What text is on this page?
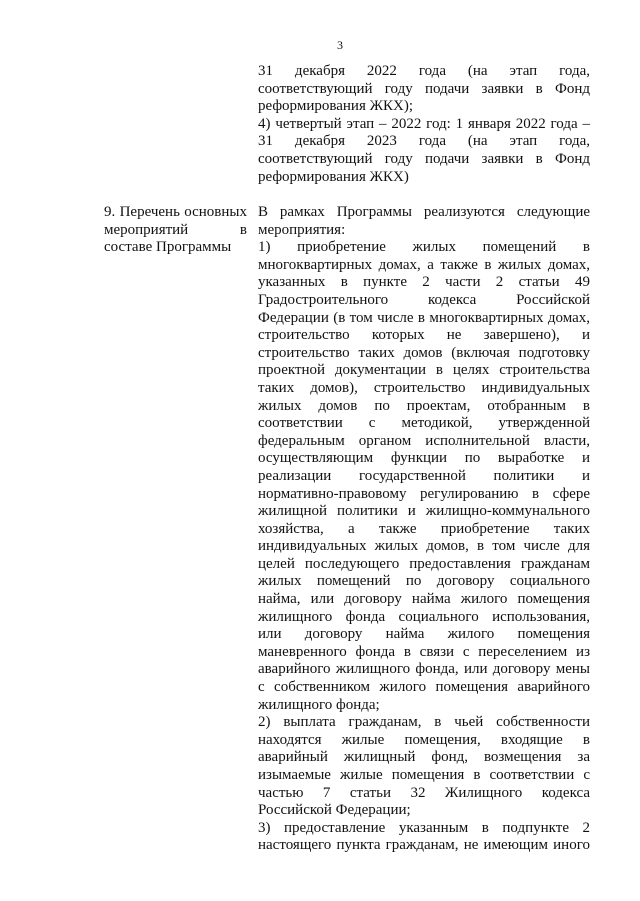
3
31 декабря 2022 года (на этап года,
соответствующий году подачи заявки в Фонд
реформирования ЖКХ);
4) четвертый этап – 2022 год: 1 января 2022 года –
31 декабря 2023 года (на этап года,
соответствующий году подачи заявки в Фонд
реформирования ЖКХ)
9. Перечень основных
мероприятий в
составе Программы
В рамках Программы реализуются следующие
мероприятия:
1) приобретение жилых помещений в
многоквартирных домах, а также в жилых домах,
указанных в пункте 2 части 2 статьи 49
Градостроительного кодекса Российской
Федерации (в том числе в многоквартирных домах,
строительство которых не завершено), и
строительство таких домов (включая подготовку
проектной документации в целях строительства
таких домов), строительство индивидуальных
жилых домов по проектам, отобранным в
соответствии с методикой, утвержденной
федеральным органом исполнительной власти,
осуществляющим функции по выработке и
реализации государственной политики и
нормативно-правовому регулированию в сфере
жилищной политики и жилищно-коммунального
хозяйства, а также приобретение таких
индивидуальных жилых домов, в том числе для
целей последующего предоставления гражданам
жилых помещений по договору социального
найма, или договору найма жилого помещения
жилищного фонда социального использования,
или договору найма жилого помещения
маневренного фонда в связи с переселением из
аварийного жилищного фонда, или договору мены
с собственником жилого помещения аварийного
жилищного фонда;
2) выплата гражданам, в чьей собственности
находятся жилые помещения, входящие в
аварийный жилищный фонд, возмещения за
изымаемые жилые помещения в соответствии с
частью 7 статьи 32 Жилищного кодекса
Российской Федерации;
3) предоставление указанным в подпункте 2
настоящего пункта гражданам, не имеющим иного
